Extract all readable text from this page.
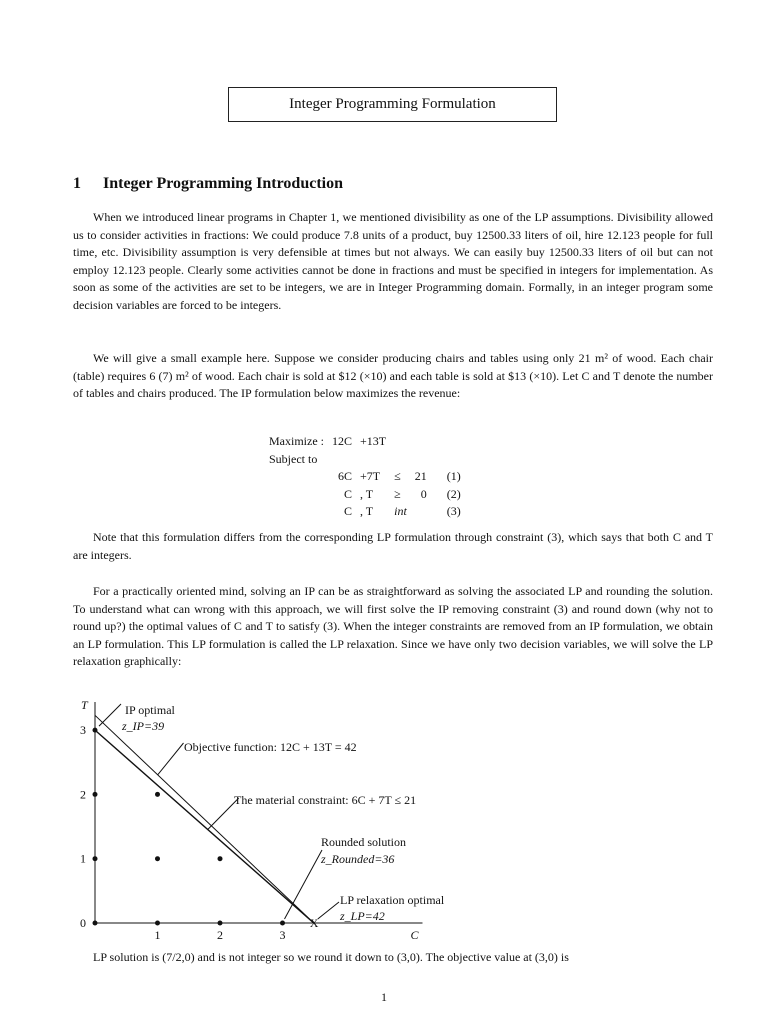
Integer Programming Formulation
1 Integer Programming Introduction
When we introduced linear programs in Chapter 1, we mentioned divisibility as one of the LP assumptions. Divisibility allowed us to consider activities in fractions: We could produce 7.8 units of a product, buy 12500.33 liters of oil, hire 12.123 people for full time, etc. Divisibility assumption is very defensible at times but not always. We can easily buy 12500.33 liters of oil but can not employ 12.123 people. Clearly some activities cannot be done in fractions and must be specified in integers for implementation. As soon as some of the activities are set to be integers, we are in Integer Programming domain. Formally, in an integer program some decision variables are forced to be integers.
We will give a small example here. Suppose we consider producing chairs and tables using only 21 m² of wood. Each chair (table) requires 6 (7) m² of wood. Each chair is sold at $12 (×10) and each table is sold at $13 (×10). Let C and T denote the number of tables and chairs produced. The IP formulation below maximizes the revenue:
Maximize :	12C	+13T			
Subject to					
	6C	+7T	≤	21	(1)
	C	, T	≥	0	(2)
	C	, T	int		(3)
Note that this formulation differs from the corresponding LP formulation through constraint (3), which says that both C and T are integers.
For a practically oriented mind, solving an IP can be as straightforward as solving the associated LP and rounding the solution. To understand what can wrong with this approach, we will first solve the IP removing constraint (3) and round down (why not to round up?) the optimal values of C and T to satisfy (3). When the integer constraints are removed from an IP formulation, we obtain an LP formulation. This LP formulation is called the LP relaxation. Since we have only two decision variables, we will solve the LP relaxation graphically:
T
C
1	2	3
0
1
2
3
X
IP optimal
z_IP=39
Objective function: 12C + 13T = 42
The material constraint: 6C + 7T ≤ 21
Rounded solution
z_Rounded=36
LP relaxation optimal
z_LP=42
LP solution is (7/2,0) and is not integer so we round it down to (3,0). The objective value at (3,0) is
1
